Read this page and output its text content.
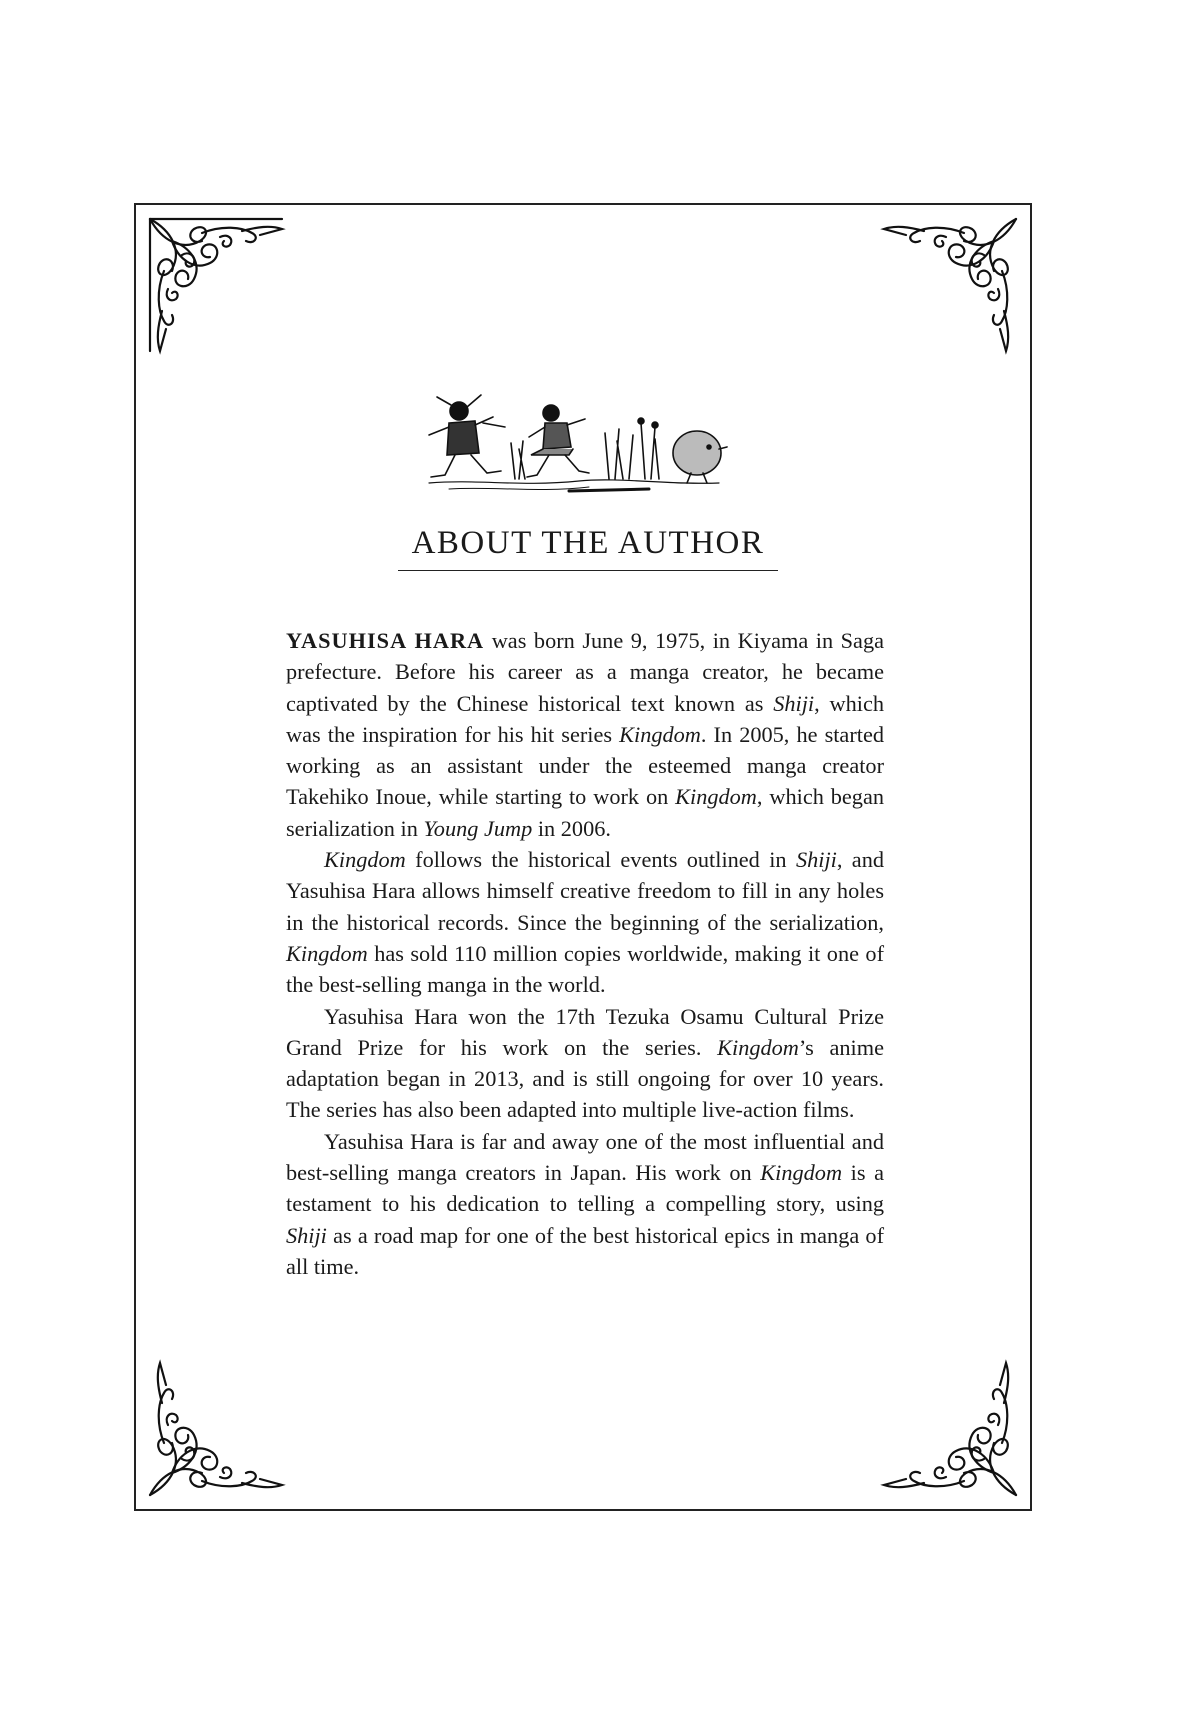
ABOUT THE AUTHOR

YASUHISA HARA was born June 9, 1975, in Kiyama in Saga prefecture. Before his career as a manga creator, he became captivated by the Chinese historical text known as Shiji, which was the inspiration for his hit series Kingdom. In 2005, he started working as an assistant under the esteemed manga creator Takehiko Inoue, while starting to work on Kingdom, which began serialization in Young Jump in 2006.

Kingdom follows the historical events outlined in Shiji, and Yasuhisa Hara allows himself creative freedom to fill in any holes in the historical records. Since the beginning of the serialization, Kingdom has sold 110 million copies worldwide, making it one of the best-selling manga in the world.

Yasuhisa Hara won the 17th Tezuka Osamu Cultural Prize Grand Prize for his work on the series. Kingdom’s anime adaptation began in 2013, and is still ongoing for over 10 years. The series has also been adapted into multiple live-action films.

Yasuhisa Hara is far and away one of the most influential and best-selling manga creators in Japan. His work on Kingdom is a testament to his dedication to telling a compelling story, using Shiji as a road map for one of the best historical epics in manga of all time.
